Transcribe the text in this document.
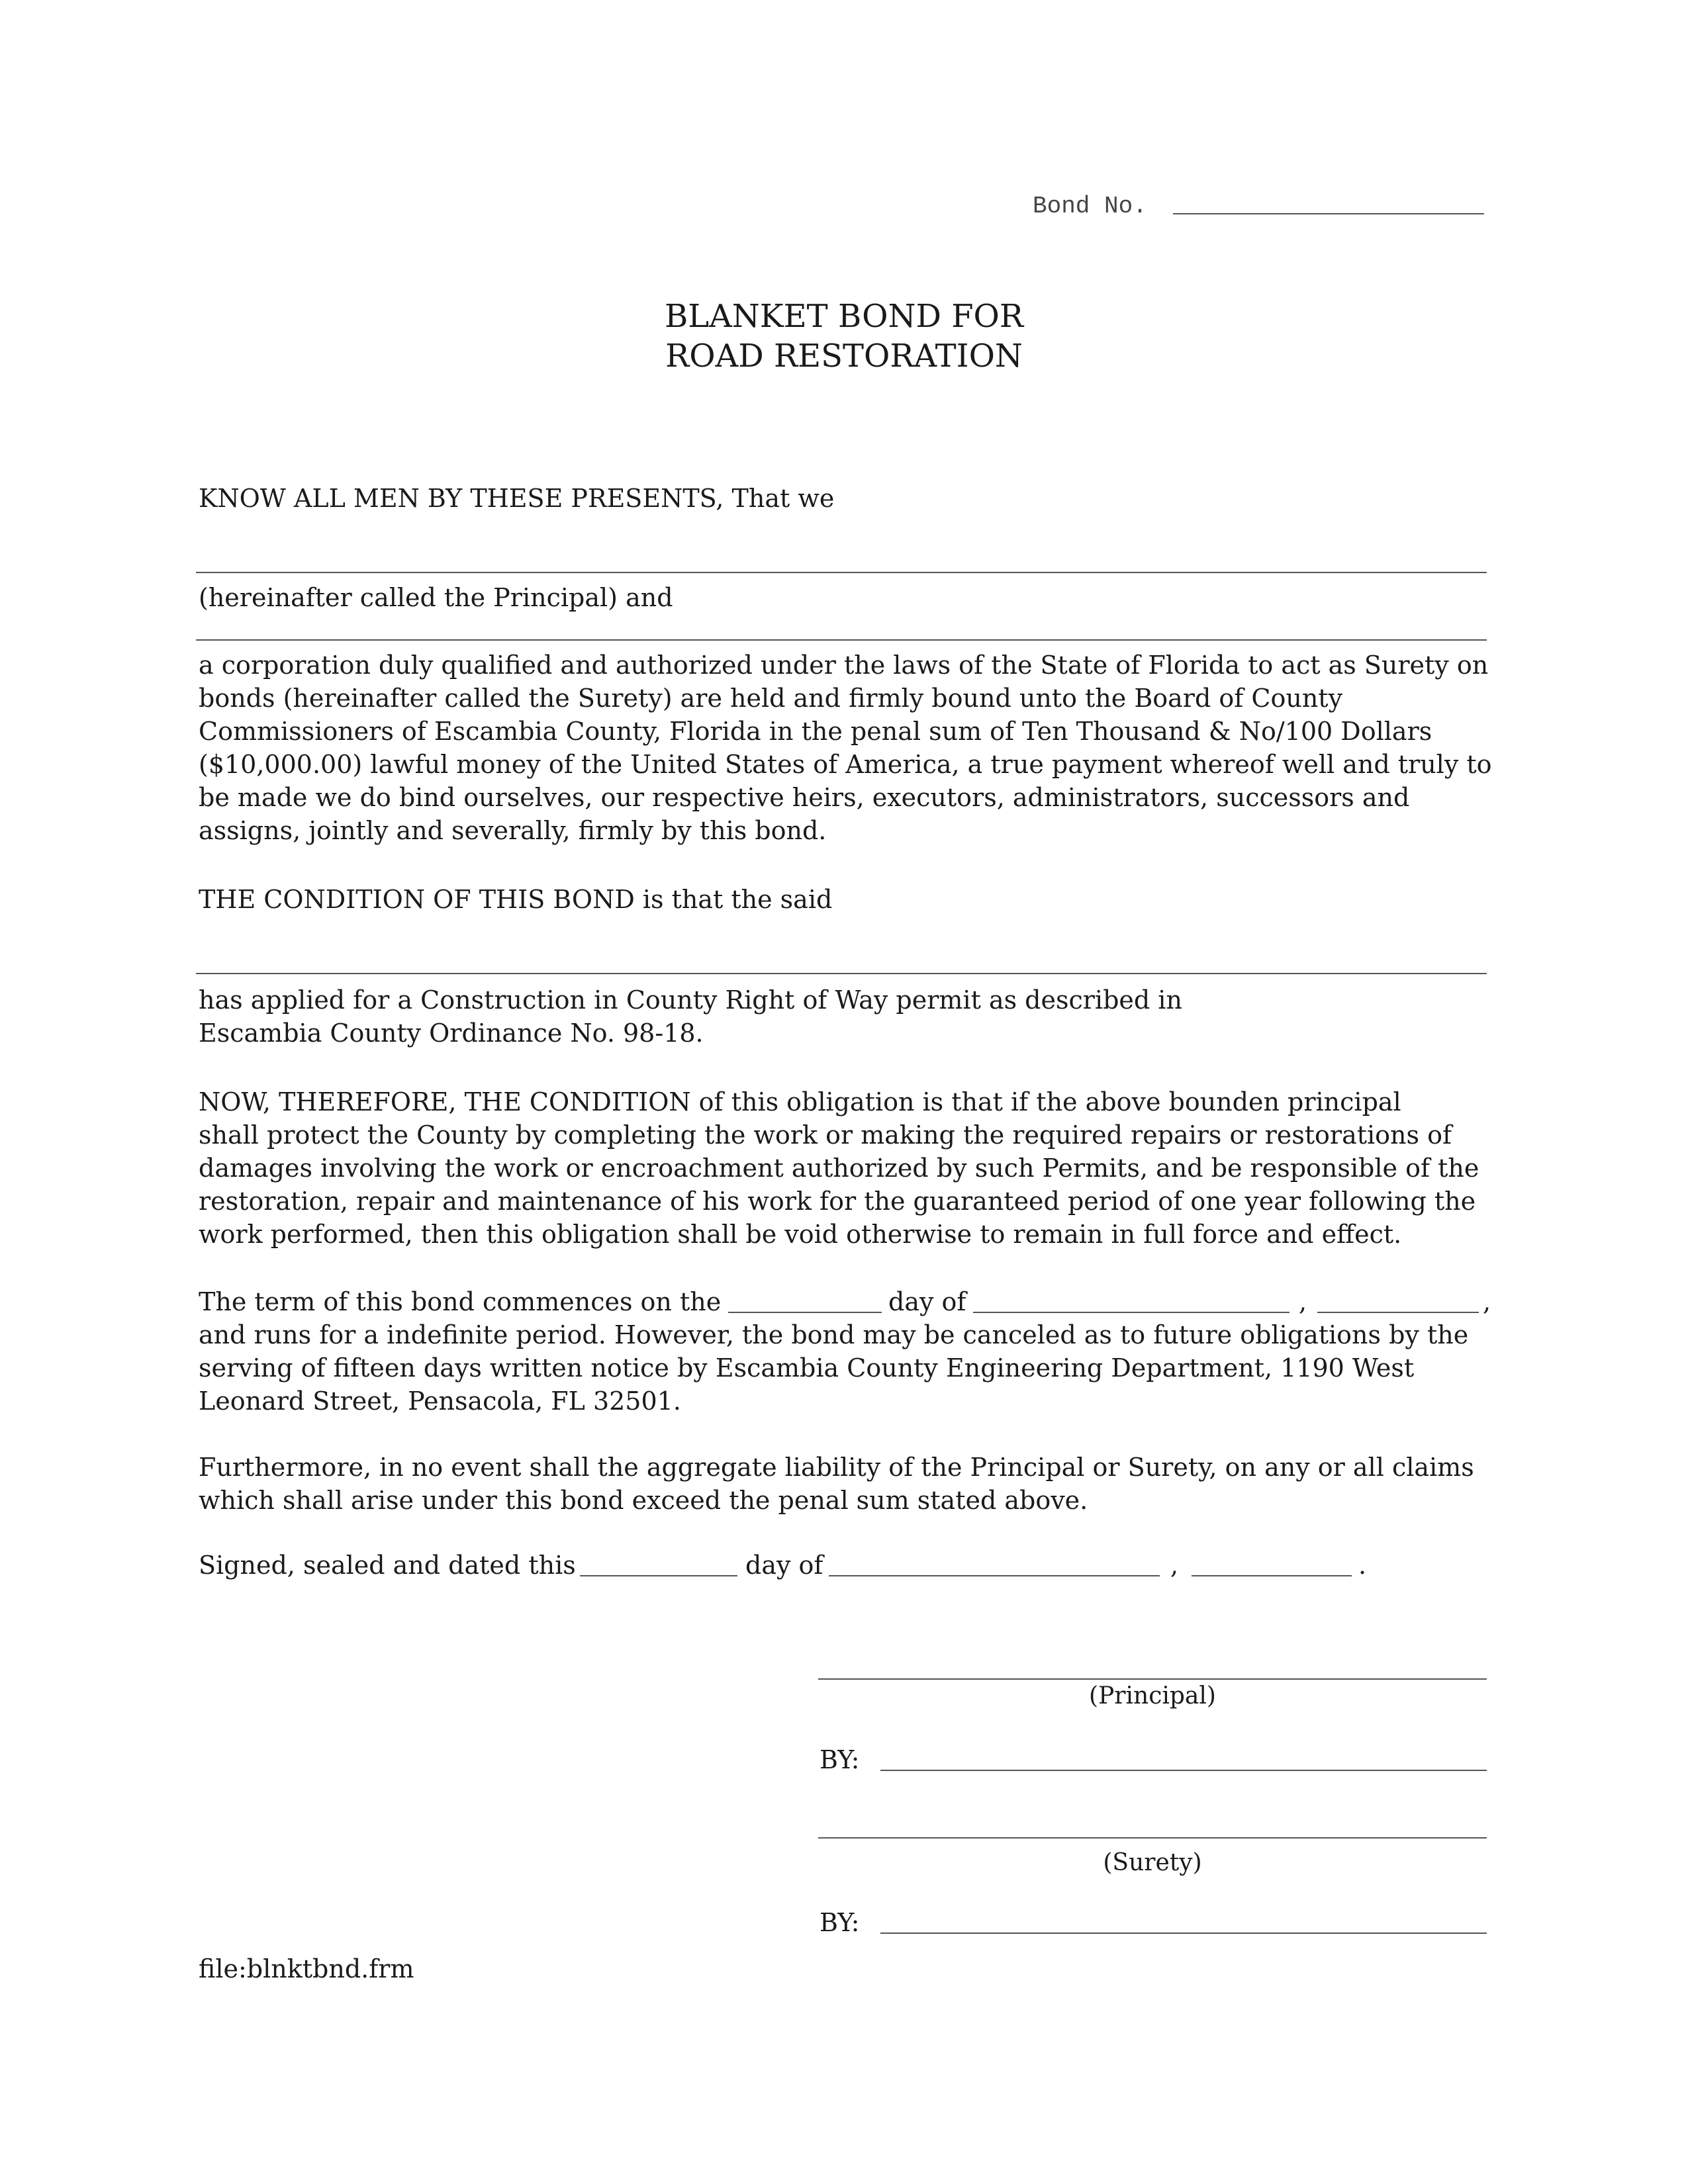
Bond No.
BLANKET BOND FOR
ROAD RESTORATION
KNOW ALL MEN BY THESE PRESENTS, That we
(hereinafter called the Principal) and
a corporation duly qualified and authorized under the laws of the State of Florida to act as Surety on
bonds (hereinafter called the Surety) are held and firmly bound unto the Board of County
Commissioners of Escambia County, Florida in the penal sum of Ten Thousand & No/100 Dollars
($10,000.00) lawful money of the United States of America, a true payment whereof well and truly to
be made we do bind ourselves, our respective heirs, executors, administrators, successors and
assigns, jointly and severally, firmly by this bond.
THE CONDITION OF THIS BOND is that the said
has applied for a Construction in County Right of Way permit as described in
Escambia County Ordinance No. 98-18.
NOW, THEREFORE, THE CONDITION of this obligation is that if the above bounden principal
shall protect the County by completing the work or making the required repairs or restorations of
damages involving the work or encroachment authorized by such Permits, and be responsible of the
restoration, repair and maintenance of his work for the guaranteed period of one year following the
work performed, then this obligation shall be void otherwise to remain in full force and effect.
The term of this bond commences on the	day of	,	,
and runs for a indefinite period. However, the bond may be canceled as to future obligations by the
serving of fifteen days written notice by Escambia County Engineering Department, 1190 West
Leonard Street, Pensacola, FL 32501.
Furthermore, in no event shall the aggregate liability of the Principal or Surety, on any or all claims
which shall arise under this bond exceed the penal sum stated above.
Signed, sealed and dated this	day of	,	.
(Principal)
BY:
(Surety)
BY:
file:blnktbnd.frm
